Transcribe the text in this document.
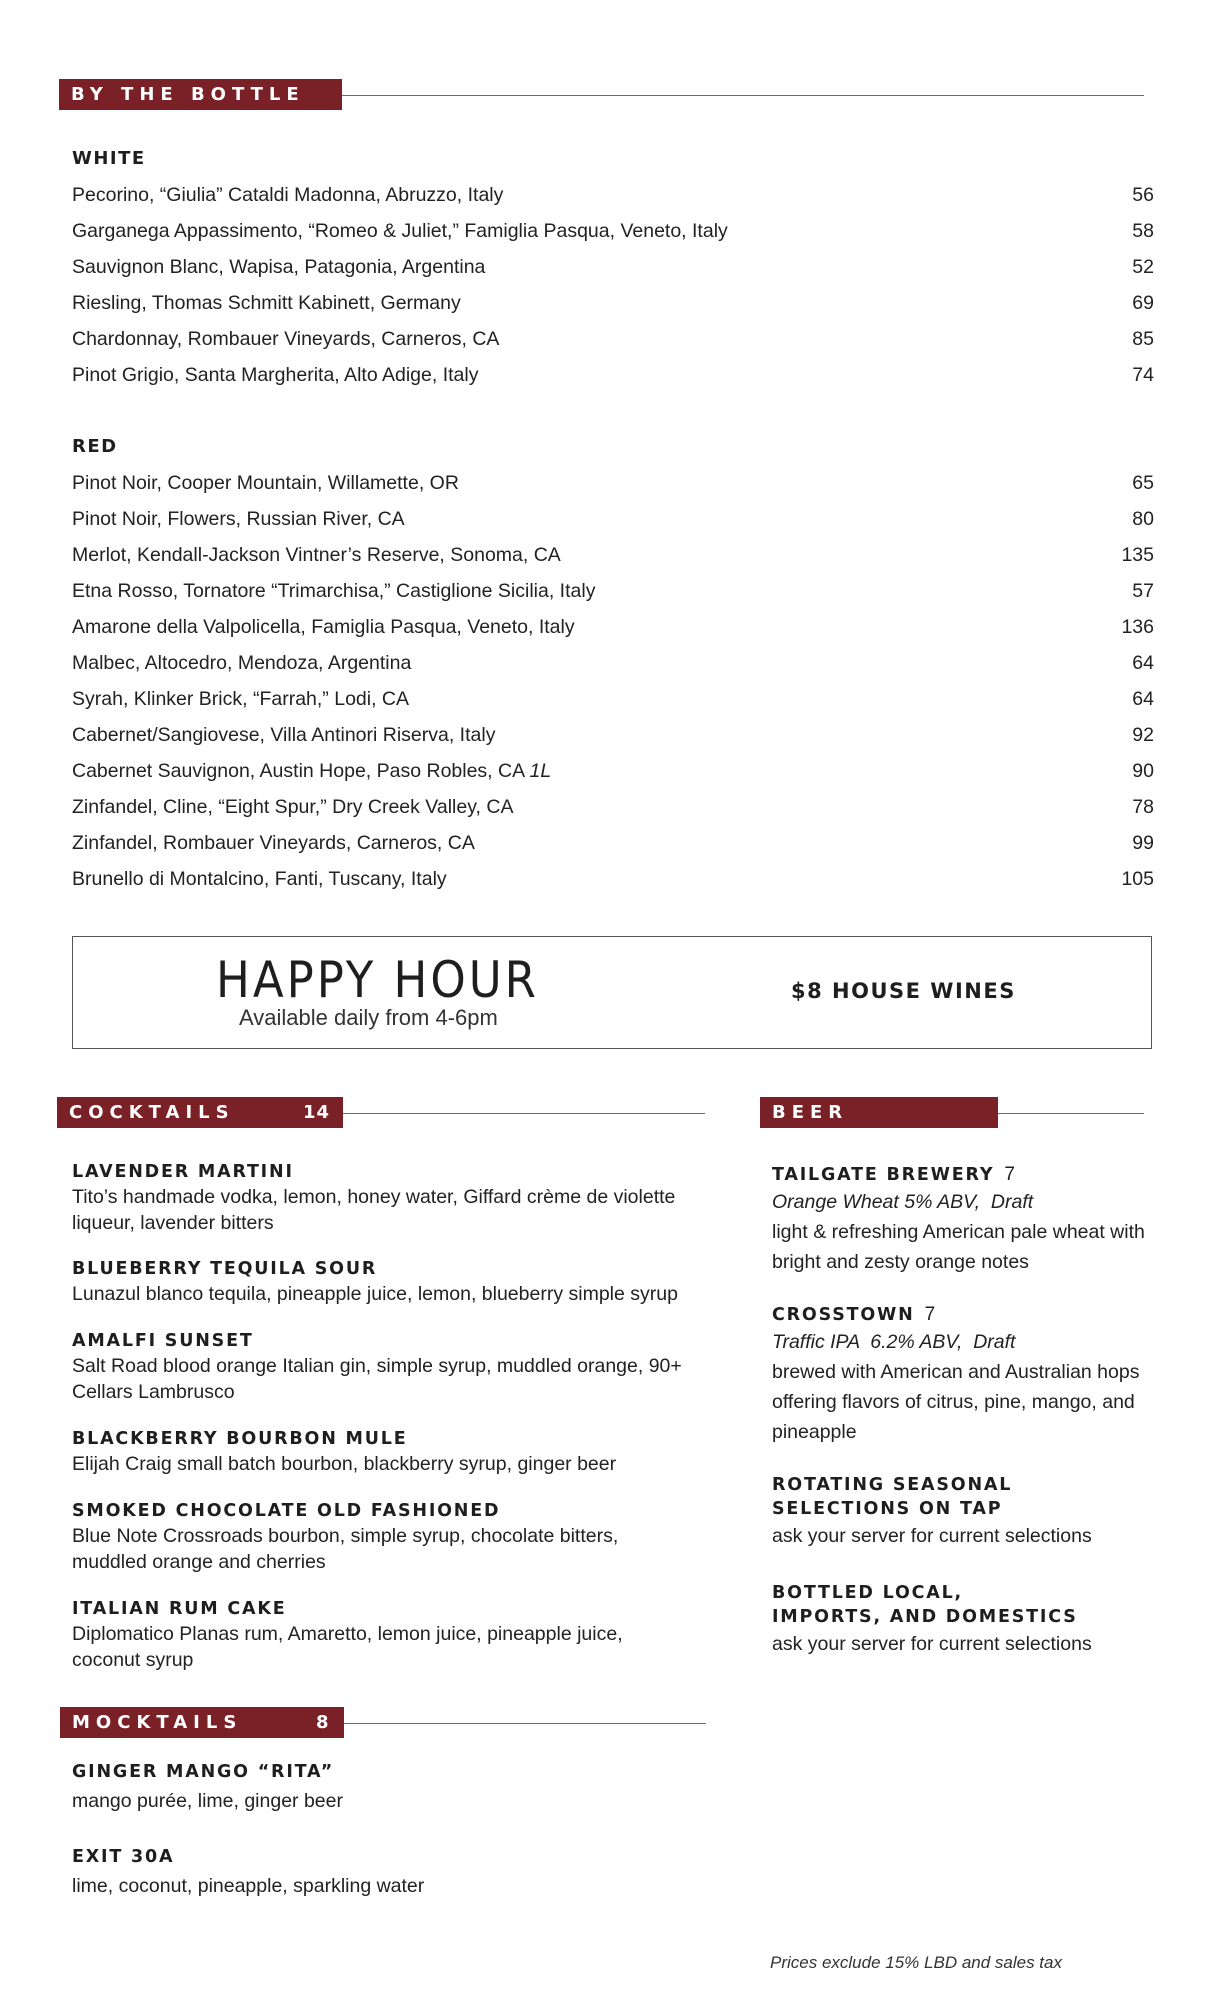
BY THE BOTTLE
WHITE
Pecorino, “Giulia” Cataldi Madonna, Abruzzo, Italy	56
Garganega Appassimento, “Romeo & Juliet,” Famiglia Pasqua, Veneto, Italy	58
Sauvignon Blanc, Wapisa, Patagonia, Argentina	52
Riesling, Thomas Schmitt Kabinett, Germany	69
Chardonnay, Rombauer Vineyards, Carneros, CA	85
Pinot Grigio, Santa Margherita, Alto Adige, Italy	74
RED
Pinot Noir, Cooper Mountain, Willamette, OR	65
Pinot Noir, Flowers, Russian River, CA	80
Merlot, Kendall-Jackson Vintner’s Reserve, Sonoma, CA	135
Etna Rosso, Tornatore “Trimarchisa,” Castiglione Sicilia, Italy	57
Amarone della Valpolicella, Famiglia Pasqua, Veneto, Italy	136
Malbec, Altocedro, Mendoza, Argentina	64
Syrah, Klinker Brick, “Farrah,” Lodi, CA	64
Cabernet/Sangiovese, Villa Antinori Riserva, Italy	92
Cabernet Sauvignon, Austin Hope, Paso Robles, CA 1L	90
Zinfandel, Cline, “Eight Spur,” Dry Creek Valley, CA	78
Zinfandel, Rombauer Vineyards, Carneros, CA	99
Brunello di Montalcino, Fanti, Tuscany, Italy	105
HAPPY HOUR
Available daily from 4-6pm
$8 HOUSE WINES
COCKTAILS	14
LAVENDER MARTINI
Tito’s handmade vodka, lemon, honey water, Giffard crème de violette liqueur, lavender bitters
BLUEBERRY TEQUILA SOUR
Lunazul blanco tequila, pineapple juice, lemon, blueberry simple syrup
AMALFI SUNSET
Salt Road blood orange Italian gin, simple syrup, muddled orange, 90+ Cellars Lambrusco
BLACKBERRY BOURBON MULE
Elijah Craig small batch bourbon, blackberry syrup, ginger beer
SMOKED CHOCOLATE OLD FASHIONED
Blue Note Crossroads bourbon, simple syrup, chocolate bitters, muddled orange and cherries
ITALIAN RUM CAKE
Diplomatico Planas rum, Amaretto, lemon juice, pineapple juice, coconut syrup
MOCKTAILS	8
GINGER MANGO “RITA”
mango purée, lime, ginger beer
EXIT 30A
lime, coconut, pineapple, sparkling water
BEER
TAILGATE BREWERY 7
Orange Wheat 5% ABV,  Draft
light & refreshing American pale wheat with bright and zesty orange notes
CROSSTOWN 7
Traffic IPA  6.2% ABV,  Draft
brewed with American and Australian hops offering flavors of citrus, pine, mango, and pineapple
ROTATING SEASONAL
SELECTIONS ON TAP
ask your server for current selections
BOTTLED LOCAL,
IMPORTS, AND DOMESTICS
ask your server for current selections
Prices exclude 15% LBD and sales tax
